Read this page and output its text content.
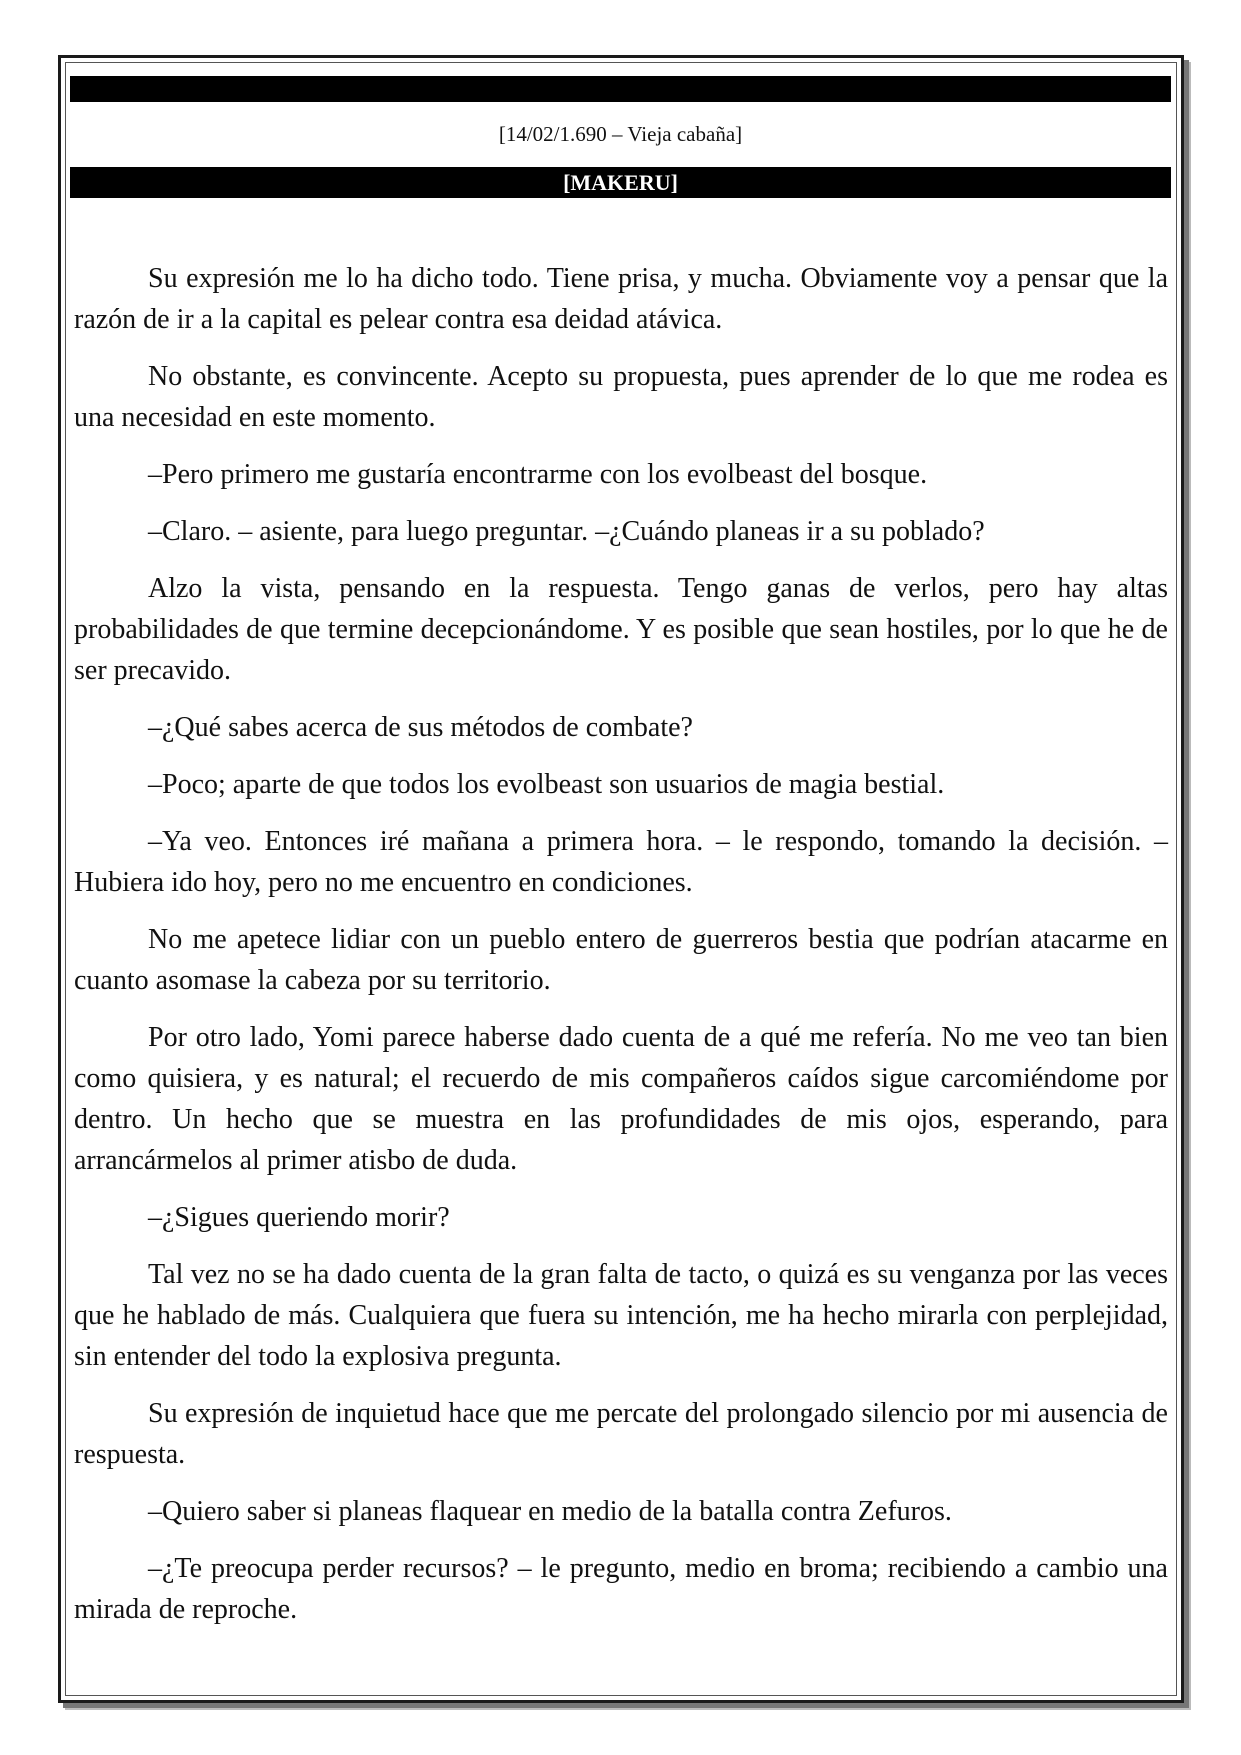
[14/02/1.690 – Vieja cabaña]
[MAKERU]

Su expresión me lo ha dicho todo. Tiene prisa, y mucha. Obviamente voy a pensar que la razón de ir a la capital es pelear contra esa deidad atávica.

No obstante, es convincente. Acepto su propuesta, pues aprender de lo que me rodea es una necesidad en este momento.

–Pero primero me gustaría encontrarme con los evolbeast del bosque.

–Claro. – asiente, para luego preguntar. –¿Cuándo planeas ir a su poblado?

Alzo la vista, pensando en la respuesta. Tengo ganas de verlos, pero hay altas probabilidades de que termine decepcionándome. Y es posible que sean hostiles, por lo que he de ser precavido.

–¿Qué sabes acerca de sus métodos de combate?

–Poco; aparte de que todos los evolbeast son usuarios de magia bestial.

–Ya veo. Entonces iré mañana a primera hora. – le respondo, tomando la decisión. –Hubiera ido hoy, pero no me encuentro en condiciones.

No me apetece lidiar con un pueblo entero de guerreros bestia que podrían atacarme en cuanto asomase la cabeza por su territorio.

Por otro lado, Yomi parece haberse dado cuenta de a qué me refería. No me veo tan bien como quisiera, y es natural; el recuerdo de mis compañeros caídos sigue carcomiéndome por dentro. Un hecho que se muestra en las profundidades de mis ojos, esperando, para arrancármelos al primer atisbo de duda.

–¿Sigues queriendo morir?

Tal vez no se ha dado cuenta de la gran falta de tacto, o quizá es su venganza por las veces que he hablado de más. Cualquiera que fuera su intención, me ha hecho mirarla con perplejidad, sin entender del todo la explosiva pregunta.

Su expresión de inquietud hace que me percate del prolongado silencio por mi ausencia de respuesta.

–Quiero saber si planeas flaquear en medio de la batalla contra Zefuros.

–¿Te preocupa perder recursos? – le pregunto, medio en broma; recibiendo a cambio una mirada de reproche.
